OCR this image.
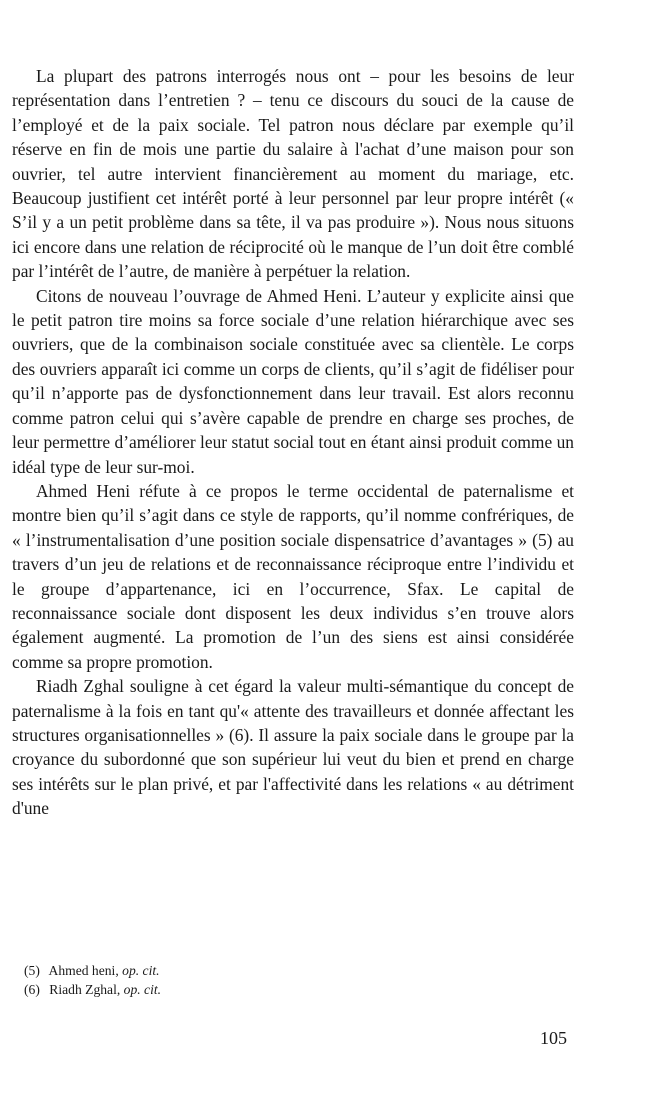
La plupart des patrons interrogés nous ont – pour les besoins de leur représentation dans l’entretien ? – tenu ce discours du souci de la cause de l’employé et de la paix sociale. Tel patron nous déclare par exemple qu’il réserve en fin de mois une partie du salaire à l'achat d’une maison pour son ouvrier, tel autre intervient financièrement au moment du mariage, etc. Beaucoup justifient cet intérêt porté à leur personnel par leur propre intérêt (« S’il y a un petit problème dans sa tête, il va pas produire »). Nous nous situons ici encore dans une relation de réciprocité où le manque de l’un doit être comblé par l’intérêt de l’autre, de manière à perpétuer la relation.

Citons de nouveau l’ouvrage de Ahmed Heni. L’auteur y explicite ainsi que le petit patron tire moins sa force sociale d’une relation hiérarchique avec ses ouvriers, que de la combinaison sociale constituée avec sa clientèle. Le corps des ouvriers apparaît ici comme un corps de clients, qu’il s’agit de fidéliser pour qu’il n’apporte pas de dysfonctionnement dans leur travail. Est alors reconnu comme patron celui qui s’avère capable de prendre en charge ses proches, de leur permettre d’améliorer leur statut social tout en étant ainsi produit comme un idéal type de leur sur-moi.

Ahmed Heni réfute à ce propos le terme occidental de paternalisme et montre bien qu’il s’agit dans ce style de rapports, qu’il nomme confrériques, de « l’instrumentalisation d’une position sociale dispensatrice d’avantages » (5) au travers d’un jeu de relations et de reconnaissance réciproque entre l’individu et le groupe d’appartenance, ici en l’occurrence, Sfax. Le capital de reconnaissance sociale dont disposent les deux individus s’en trouve alors également augmenté. La promotion de l’un des siens est ainsi considérée comme sa propre promotion.

Riadh Zghal souligne à cet égard la valeur multi-sémantique du concept de paternalisme à la fois en tant qu'« attente des travailleurs et donnée affectant les structures organisationnelles » (6). Il assure la paix sociale dans le groupe par la croyance du subordonné que son supérieur lui veut du bien et prend en charge ses intérêts sur le plan privé, et par l'affectivité dans les relations « au détriment d'une

(5) Ahmed heni, op. cit.

(6) Riadh Zghal, op. cit.

105
